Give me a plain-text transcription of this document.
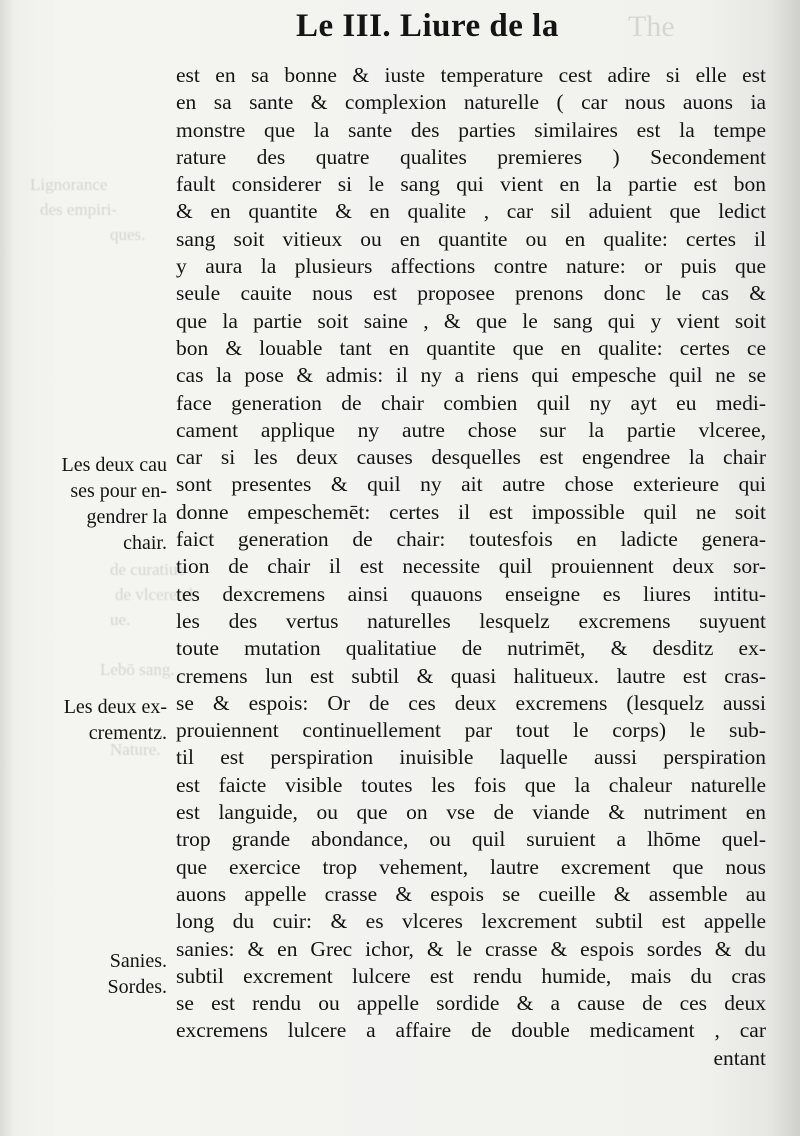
The
Lignorance
des empiri-
ques.
de curatiue
de vlcere el
ue.
Lebō sang.
Nature.
Le III. Liure de la
est en sa bonne & iuste temperature cest adire si elle est
en sa sante & complexion naturelle ( car nous auons ia
monstre que la sante des parties similaires est la tempe
rature des quatre qualites premieres ) Secondement
fault considerer si le sang qui vient en la partie est bon
& en quantite & en qualite , car sil aduient que ledict
sang soit vitieux ou en quantite ou en qualite: certes il
y aura la plusieurs affections contre nature: or puis que
seule cauite nous est proposee prenons donc le cas &
que la partie soit saine , & que le sang qui y vient soit
bon & louable tant en quantite que en qualite: certes ce
cas la pose & admis: il ny a riens qui empesche quil ne se
face generation de chair combien quil ny ayt eu medi-
cament applique ny autre chose sur la partie vlceree,
car si les deux causes desquelles est engendree la chair
sont presentes & quil ny ait autre chose exterieure qui
donne empeschemēt: certes il est impossible quil ne soit
faict generation de chair: toutesfois en ladicte genera-
tion de chair il est necessite quil prouiennent deux sor-
tes dexcremens ainsi quauons enseigne es liures intitu-
les des vertus naturelles lesquelz excremens suyuent
toute mutation qualitatiue de nutrimēt, & desditz ex-
cremens lun est subtil & quasi halitueux. lautre est cras-
se & espois: Or de ces deux excremens (lesquelz aussi
prouiennent continuellement par tout le corps) le sub-
til est perspiration inuisible laquelle aussi perspiration
est faicte visible toutes les fois que la chaleur naturelle
est languide, ou que on vse de viande & nutriment en
trop grande abondance, ou quil suruient a lhōme quel-
que exercice trop vehement, lautre excrement que nous
auons appelle crasse & espois se cueille & assemble au
long du cuir: & es vlceres lexcrement subtil est appelle
sanies: & en Grec ichor, & le crasse & espois sordes & du
subtil excrement lulcere est rendu humide, mais du cras
se est rendu ou appelle sordide & a cause de ces deux
excremens lulcere a affaire de double medicament , car
entant
Les deux cau
ses pour en-
gendrer la
chair.
Les deux ex-
crementz.
Sanies.
Sordes.
